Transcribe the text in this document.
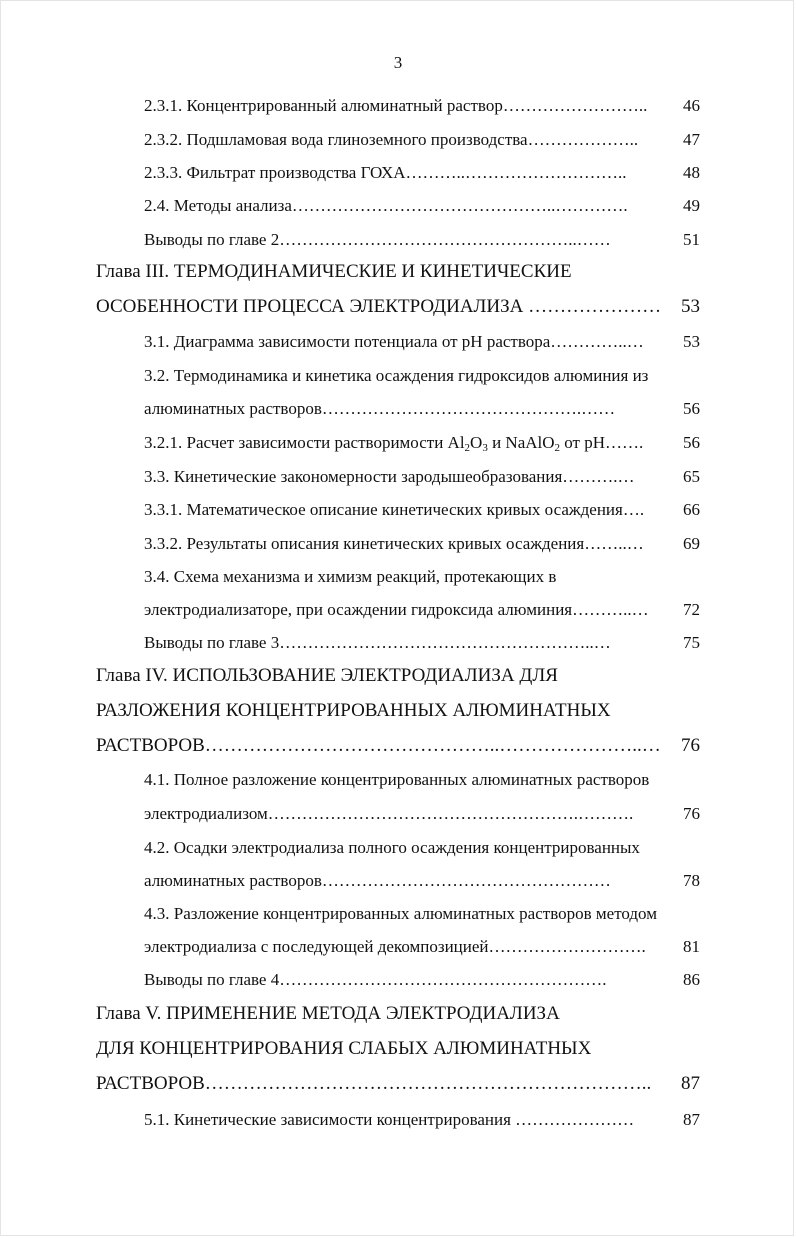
3
2.3.1. Концентрированный алюминатный раствор……………………..	46
2.3.2. Подшламовая вода глиноземного производства………………..	47
2.3.3. Фильтрат производства ГОХА………..………………………..	48
2.4. Методы анализа………………………………………..………….	49
Выводы по главе 2……………………………………………..……	51
Глава III. ТЕРМОДИНАМИЧЕСКИЕ И КИНЕТИЧЕСКИЕ
ОСОБЕННОСТИ ПРОЦЕССА ЭЛЕКТРОДИАЛИЗА …………………	53
3.1. Диаграмма зависимости потенциала от pH раствора…………..…	53
3.2. Термодинамика и кинетика осаждения гидроксидов алюминия из
алюминатных растворов……………………………………….……	56
3.2.1. Расчет зависимости растворимости Al2O3 и NaAlO2 от pH…….	56
3.3. Кинетические закономерности зародышеобразования……….…	65
3.3.1. Математическое описание кинетических кривых осаждения….	66
3.3.2. Результаты описания кинетических кривых осаждения……..…	69
3.4. Схема механизма и химизм реакций, протекающих в
электродиализаторе, при осаждении гидроксида алюминия………..…	72
Выводы по главе 3………………………………………………..…	75
Глава IV. ИСПОЛЬЗОВАНИЕ ЭЛЕКТРОДИАЛИЗА ДЛЯ
РАЗЛОЖЕНИЯ КОНЦЕНТРИРОВАННЫХ АЛЮМИНАТНЫХ
РАСТВОРОВ………………………………………..…………………..…	76
4.1. Полное разложение концентрированных алюминатных растворов
электродиализом……………………………………………….……….	76
4.2. Осадки электродиализа полного осаждения концентрированных
алюминатных растворов……………………………………………	78
4.3. Разложение концентрированных алюминатных растворов методом
электродиализа с последующей декомпозицией……………………….	81
Выводы по главе 4………………………………………………….	86
Глава V. ПРИМЕНЕНИЕ МЕТОДА ЭЛЕКТРОДИАЛИЗА
ДЛЯ КОНЦЕНТРИРОВАНИЯ СЛАБЫХ АЛЮМИНАТНЫХ
РАСТВОРОВ……………………………………………………………..	87
5.1. Кинетические зависимости концентрирования …………………	87
